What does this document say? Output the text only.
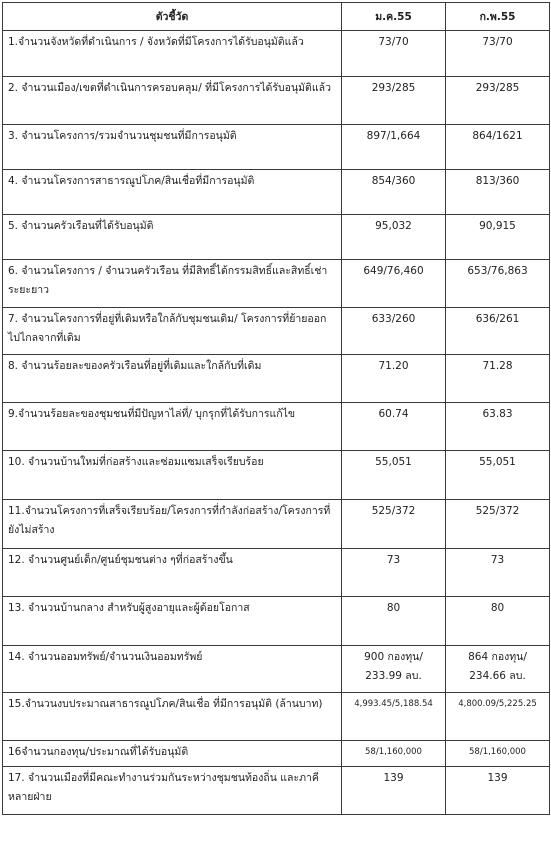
ตัวชี้วัด	ม.ค.55	ก.พ.55
1.จำนวนจังหวัดที่ดำเนินการ / จังหวัดที่มีโครงการได้รับอนุมัติแล้ว	73/70	73/70
2. จำนวนเมือง/เขตที่ดำเนินการครอบคลุม/ ที่มีโครงการได้รับอนุมัติแล้ว	293/285	293/285
3. จำนวนโครงการ/รวมจำนวนชุมชนที่มีการอนุมัติ	897/1,664	864/1621
4. จำนวนโครงการสาธารณูปโภค/สินเชื่อที่มีการอนุมัติ	854/360	813/360
5. จำนวนครัวเรือนที่ได้รับอนุมัติ	95,032	90,915
6. จำนวนโครงการ / จำนวนครัวเรือน ที่มีสิทธิ์ได้กรรมสิทธิ์และสิทธิ์เช่าระยะยาว	649/76,460	653/76,863
7. จำนวนโครงการที่อยู่ที่เดิมหรือใกล้กับชุมชนเดิม/ โครงการที่ย้ายออกไปไกลจากที่เดิม	633/260	636/261
8. จำนวนร้อยละของครัวเรือนที่อยู่ที่เดิมและใกล้กับที่เดิม	71.20	71.28
9.จำนวนร้อยละของชุมชนที่มีปัญหาไล่ที่/ บุกรุกที่ได้รับการแก้ไข	60.74	63.83
10. จำนวนบ้านใหม่ที่ก่อสร้างและซ่อมแซมเสร็จเรียบร้อย	55,051	55,051
11.จำนวนโครงการที่เสร็จเรียบร้อย/โครงการที่กำลังก่อสร้าง/โครงการที่ยังไม่สร้าง	525/372	525/372
12. จำนวนศูนย์เด็ก/ศูนย์ชุมชนต่าง ๆที่ก่อสร้างขึ้น	73	73
13. จำนวนบ้านกลาง สำหรับผู้สูงอายุและผู้ด้อยโอกาส	80	80
14. จำนวนออมทรัพย์/จำนวนเงินออมทรัพย์	900 กองทุน/ 233.99 ลบ.	864 กองทุน/ 234.66 ลบ.
15.จำนวนงบประมาณสาธารณูปโภค/สินเชื่อ ที่มีการอนุมัติ (ล้านบาท)	4,993.45/5,188.54	4,800.09/5,225.25
16จำนวนกองทุน/ประมาณที่ได้รับอนุมัติ	58/1,160,000	58/1,160,000
17. จำนวนเมืองที่มีคณะทำงานร่วมกันระหว่างชุมชนท้องถิ่น และภาคีหลายฝ่าย	139	139
